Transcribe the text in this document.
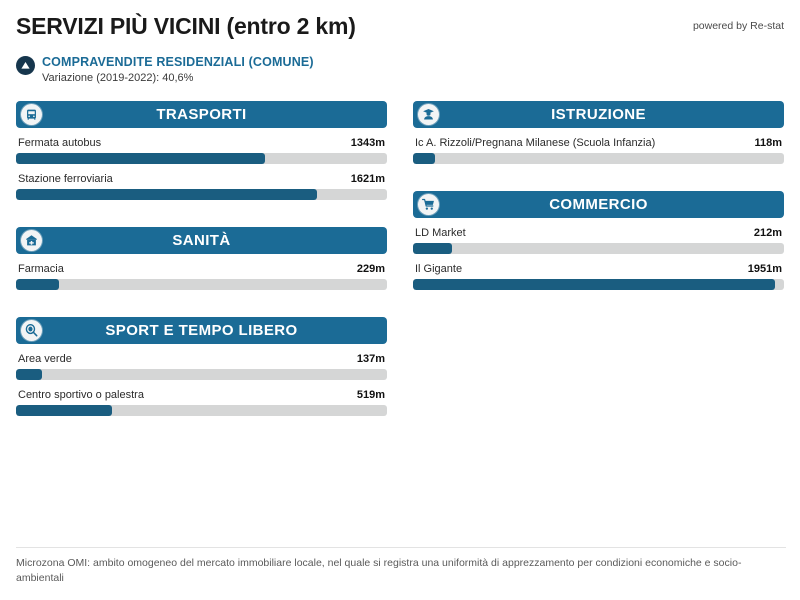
SERVIZI PIÙ VICINI (entro 2 km)	powered by Re-stat
COMPRAVENDITE RESIDENZIALI (COMUNE)
Variazione (2019-2022): 40,6%
TRASPORTI
Fermata autobus	1343m
Stazione ferroviaria	1621m
SANITÀ
Farmacia	229m
SPORT E TEMPO LIBERO
Area verde	137m
Centro sportivo o palestra	519m
ISTRUZIONE
Ic A. Rizzoli/Pregnana Milanese (Scuola Infanzia)	118m
COMMERCIO
LD Market	212m
Il Gigante	1951m
Microzona OMI: ambito omogeneo del mercato immobiliare locale, nel quale si registra una uniformità di apprezzamento per condizioni economiche e socio-ambientali
